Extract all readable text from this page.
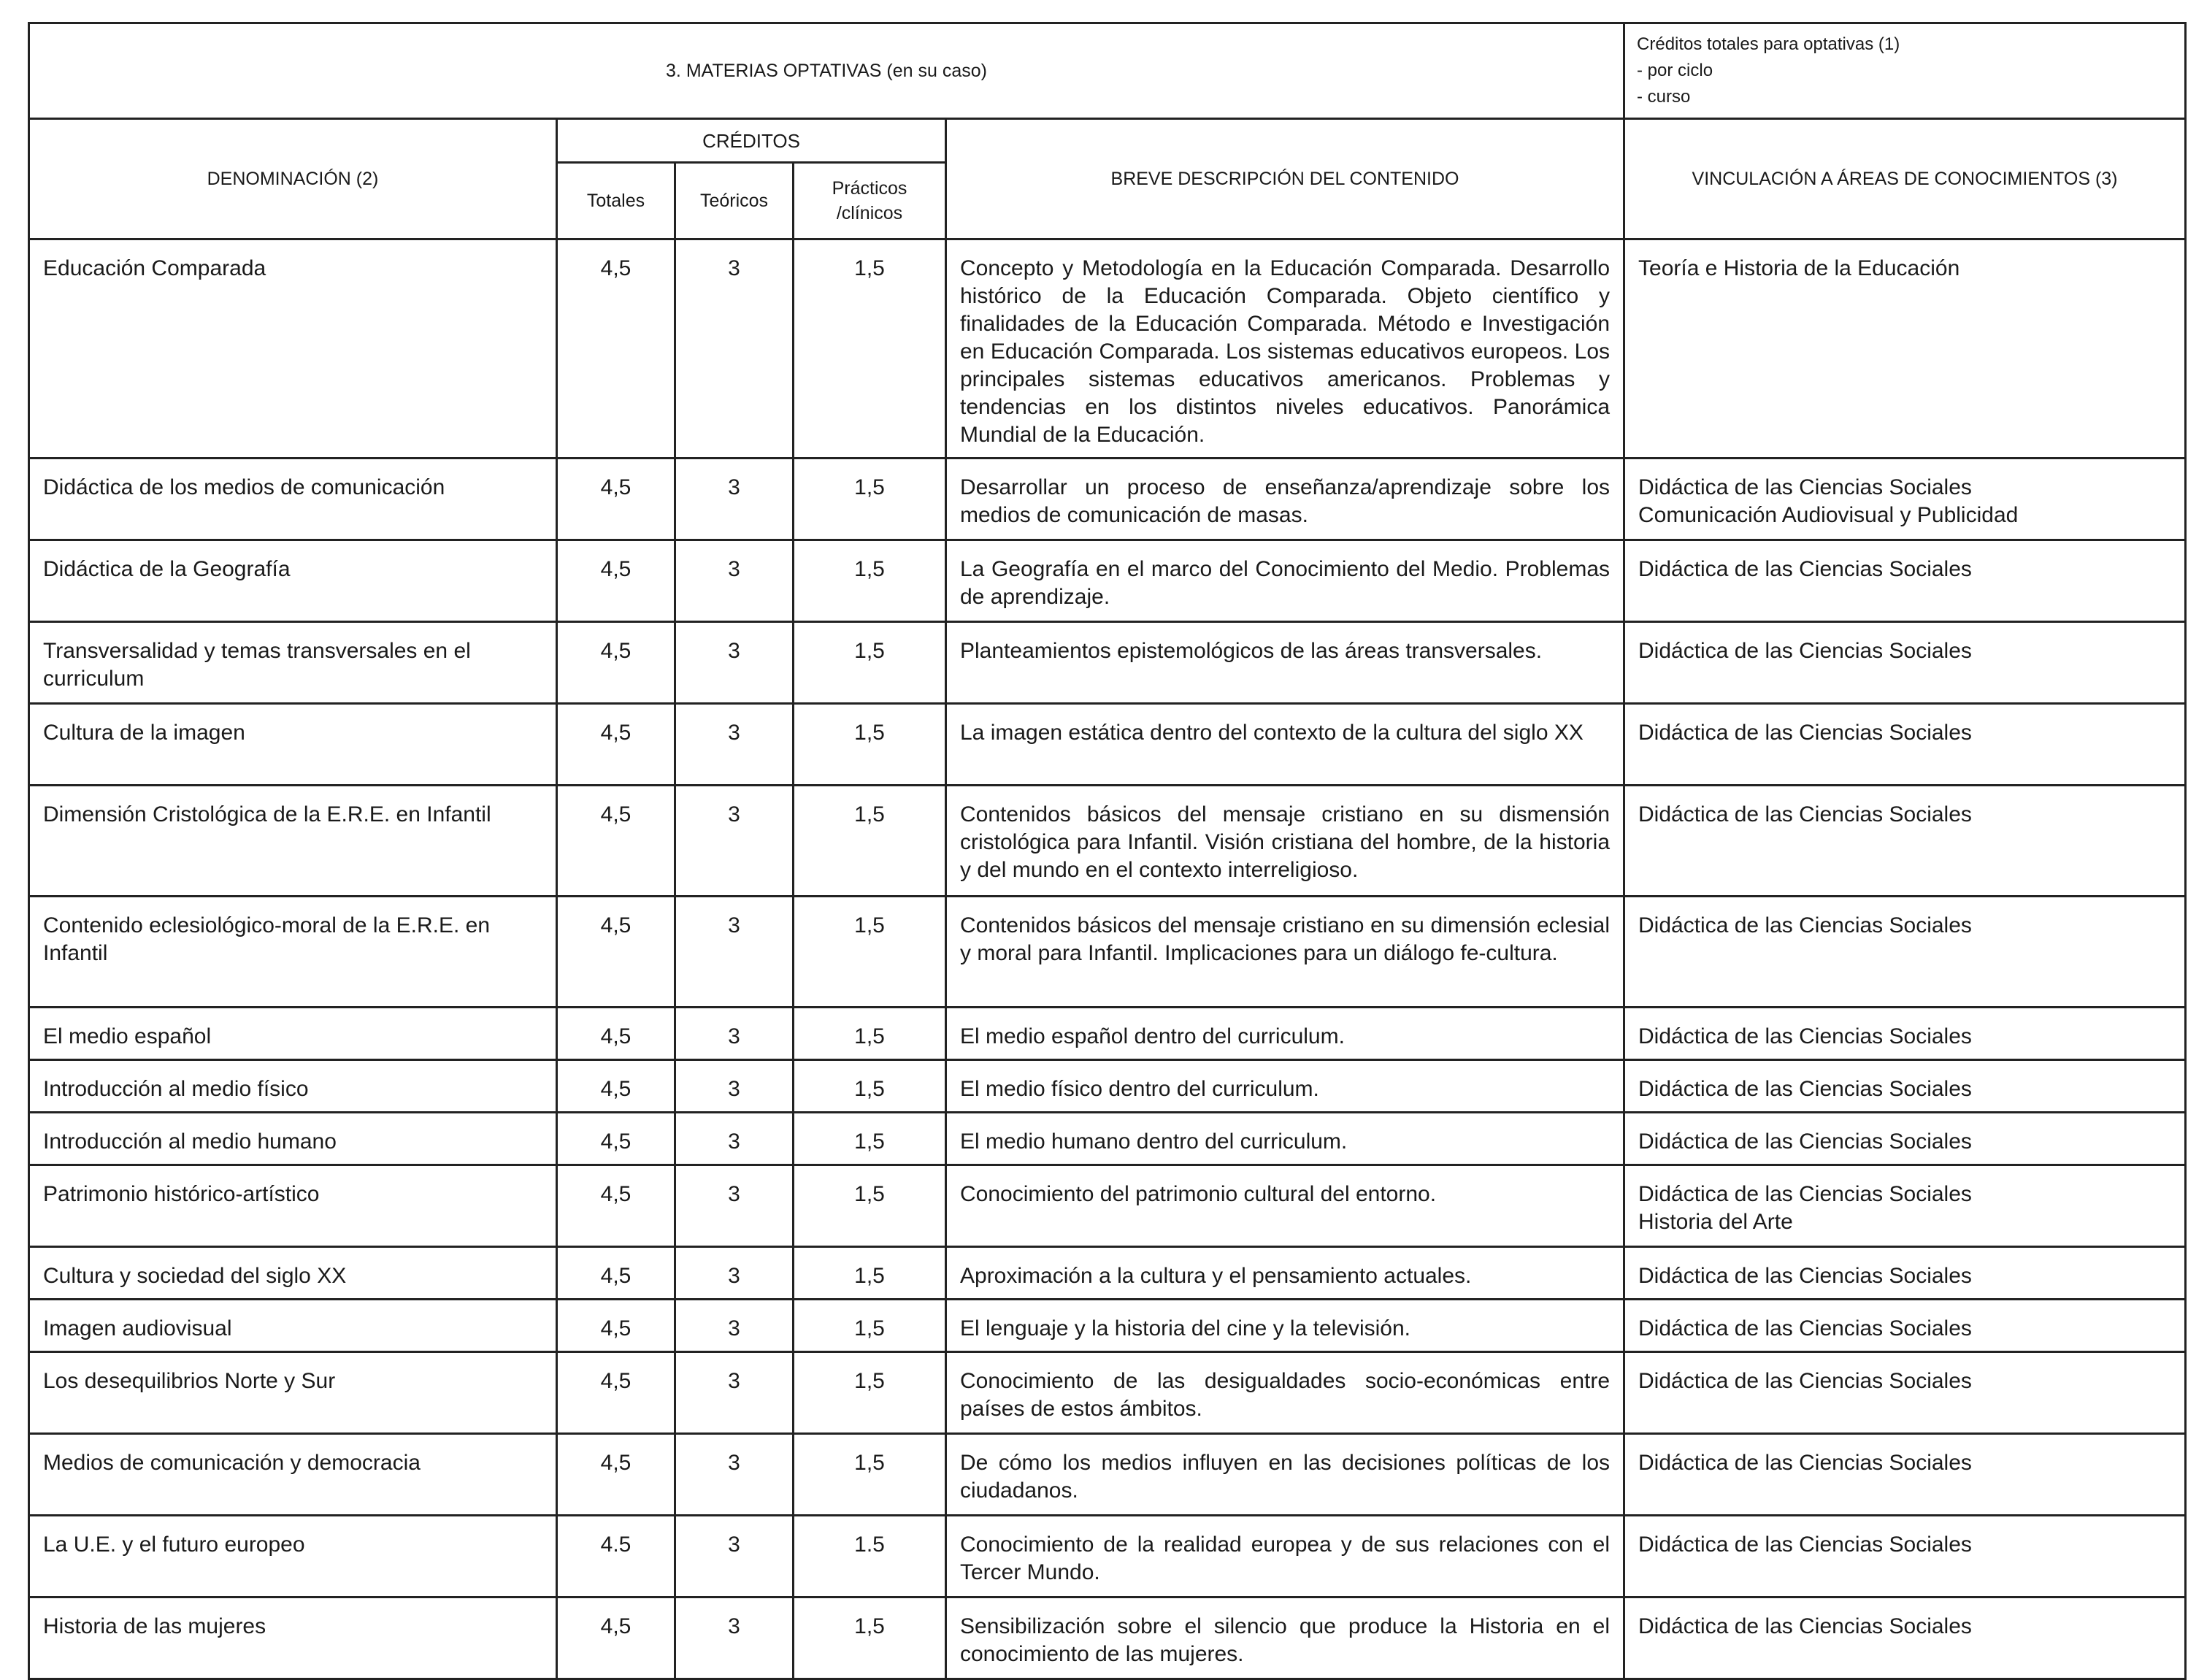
3. MATERIAS OPTATIVAS (en su caso)					Créditos totales para optativas (1)
- por ciclo
- curso

DENOMINACIÓN (2)	CRÉDITOS			BREVE DESCRIPCIÓN DEL CONTENIDO	VINCULACIÓN A ÁREAS DE CONOCIMIENTOS (3)
	Totales	Teóricos	Prácticos /clínicos		
Educación Comparada	4,5	3	1,5	Concepto y Metodología en la Educación Comparada. Desarrollo histórico de la Educación Comparada. Objeto científico y finalidades de la Educación Comparada. Método e Investigación en Educación Comparada. Los sistemas educativos europeos. Los principales sistemas educativos americanos. Problemas y tendencias en los distintos niveles educativos. Panorámica Mundial de la Educación.	Teoría e Historia de la Educación
Didáctica de los medios de comunicación	4,5	3	1,5	Desarrollar un proceso de enseñanza/aprendizaje sobre los medios de comunicación de masas.	Didáctica de las Ciencias Sociales
Comunicación Audiovisual y Publicidad
Didáctica de la Geografía	4,5	3	1,5	La Geografía en el marco del Conocimiento del Medio. Problemas de aprendizaje.	Didáctica de las Ciencias Sociales
Transversalidad y temas transversales en el curriculum	4,5	3	1,5	Planteamientos epistemológicos de las áreas transversales.	Didáctica de las Ciencias Sociales
Cultura de la imagen	4,5	3	1,5	La imagen estática dentro del contexto de la cultura del siglo XX	Didáctica de las Ciencias Sociales
Dimensión Cristológica de la E.R.E. en Infantil	4,5	3	1,5	Contenidos básicos del mensaje cristiano en su dismensión cristológica para Infantil. Visión cristiana del hombre, de la historia y del mundo en el contexto interreligioso.	Didáctica de las Ciencias Sociales
Contenido eclesiológico-moral de la E.R.E. en Infantil	4,5	3	1,5	Contenidos básicos del mensaje cristiano en su dimensión eclesial y moral para Infantil. Implicaciones para un diálogo fe-cultura.	Didáctica de las Ciencias Sociales
El medio español	4,5	3	1,5	El medio español dentro del curriculum.	Didáctica de las Ciencias Sociales
Introducción al medio físico	4,5	3	1,5	El medio físico dentro del curriculum.	Didáctica de las Ciencias Sociales
Introducción al medio humano	4,5	3	1,5	El medio humano dentro del curriculum.	Didáctica de las Ciencias Sociales
Patrimonio histórico-artístico	4,5	3	1,5	Conocimiento del patrimonio cultural del entorno.	Didáctica de las Ciencias Sociales
Historia del Arte
Cultura y sociedad del siglo XX	4,5	3	1,5	Aproximación a la cultura y el pensamiento actuales.	Didáctica de las Ciencias Sociales
Imagen audiovisual	4,5	3	1,5	El lenguaje y la historia del cine y la televisión.	Didáctica de las Ciencias Sociales
Los desequilibrios Norte y Sur	4,5	3	1,5	Conocimiento de las desigualdades socio-económicas entre países de estos ámbitos.	Didáctica de las Ciencias Sociales
Medios de comunicación y democracia	4,5	3	1,5	De cómo los medios influyen en las decisiones políticas de los ciudadanos.	Didáctica de las Ciencias Sociales
La U.E. y el futuro europeo	4.5	3	1.5	Conocimiento de la realidad europea y de sus relaciones con el Tercer Mundo.	Didáctica de las Ciencias Sociales
Historia de las mujeres	4,5	3	1,5	Sensibilización sobre el silencio que produce la Historia en el conocimiento de las mujeres.	Didáctica de las Ciencias Sociales
